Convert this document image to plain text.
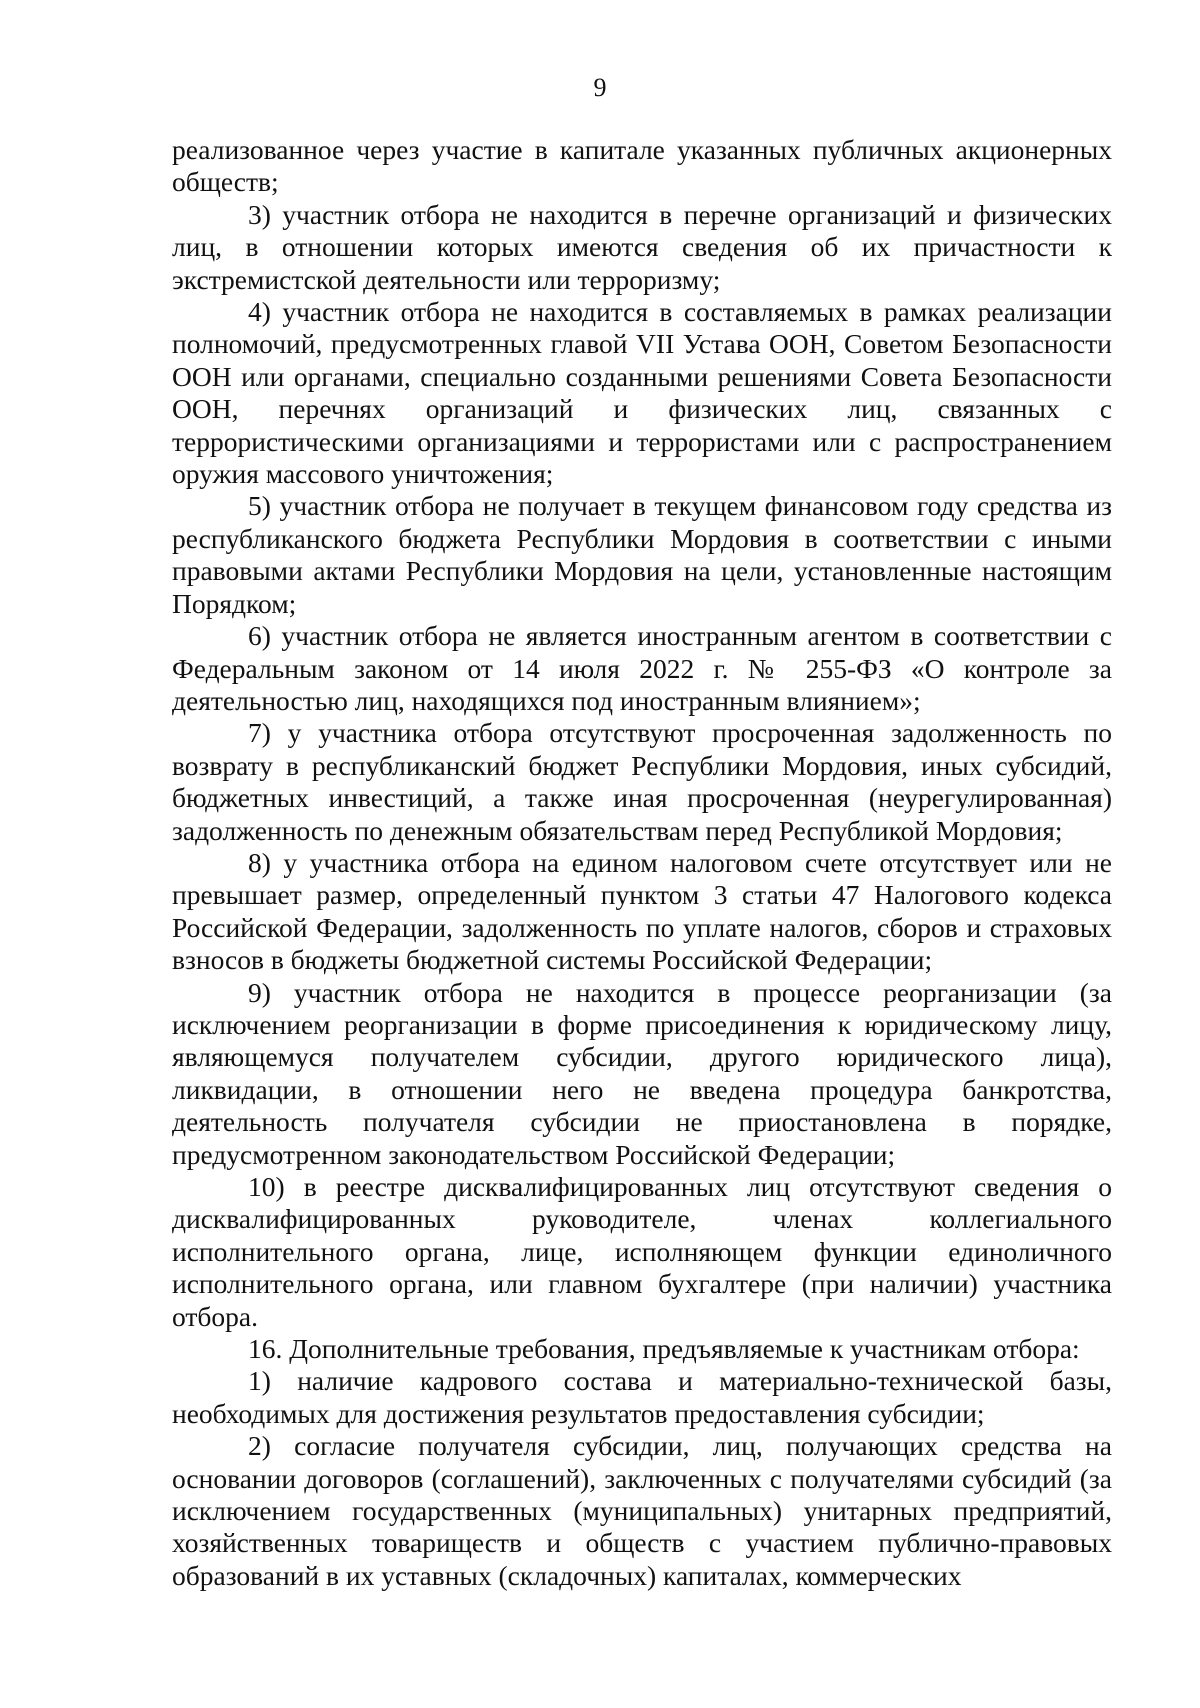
9

реализованное через участие в капитале указанных публичных акционерных обществ;

3) участник отбора не находится в перечне организаций и физических лиц, в отношении которых имеются сведения об их причастности к экстремистской деятельности или терроризму;

4) участник отбора не находится в составляемых в рамках реализации полномочий, предусмотренных главой VII Устава ООН, Советом Безопасности ООН или органами, специально созданными решениями Совета Безопасности ООН, перечнях организаций и физических лиц, связанных с террористическими организациями и террористами или с распространением оружия массового уничтожения;

5) участник отбора не получает в текущем финансовом году средства из республиканского бюджета Республики Мордовия в соответствии с иными правовыми актами Республики Мордовия на цели, установленные настоящим Порядком;

6) участник отбора не является иностранным агентом в соответствии с Федеральным законом от 14 июля 2022 г. № 255-ФЗ «О контроле за деятельностью лиц, находящихся под иностранным влиянием»;

7) у участника отбора отсутствуют просроченная задолженность по возврату в республиканский бюджет Республики Мордовия, иных субсидий, бюджетных инвестиций, а также иная просроченная (неурегулированная) задолженность по денежным обязательствам перед Республикой Мордовия;

8) у участника отбора на едином налоговом счете отсутствует или не превышает размер, определенный пунктом 3 статьи 47 Налогового кодекса Российской Федерации, задолженность по уплате налогов, сборов и страховых взносов в бюджеты бюджетной системы Российской Федерации;

9) участник отбора не находится в процессе реорганизации (за исключением реорганизации в форме присоединения к юридическому лицу, являющемуся получателем субсидии, другого юридического лица), ликвидации, в отношении него не введена процедура банкротства, деятельность получателя субсидии не приостановлена в порядке, предусмотренном законодательством Российской Федерации;

10) в реестре дисквалифицированных лиц отсутствуют сведения о дисквалифицированных руководителе, членах коллегиального исполнительного органа, лице, исполняющем функции единоличного исполнительного органа, или главном бухгалтере (при наличии) участника отбора.

16. Дополнительные требования, предъявляемые к участникам отбора:

1) наличие кадрового состава и материально-технической базы, необходимых для достижения результатов предоставления субсидии;

2) согласие получателя субсидии, лиц, получающих средства на основании договоров (соглашений), заключенных с получателями субсидий (за исключением государственных (муниципальных) унитарных предприятий, хозяйственных товариществ и обществ с участием публично-правовых образований в их уставных (складочных) капиталах, коммерческих
